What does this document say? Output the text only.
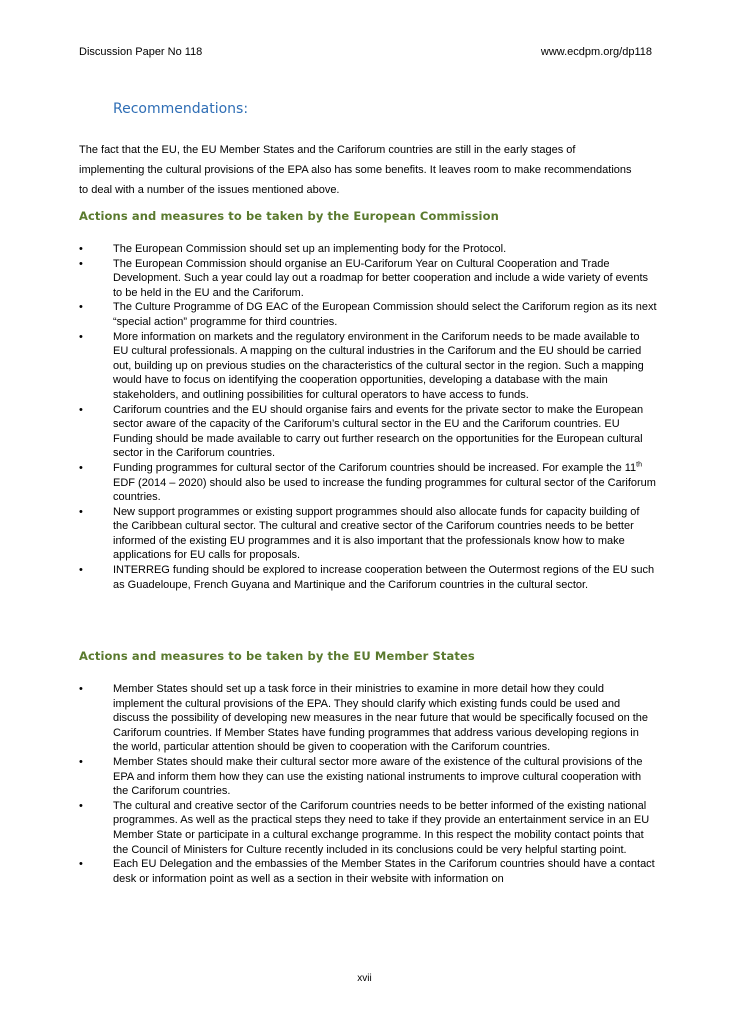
Discussion Paper No 118	www.ecdpm.org/dp118
Recommendations:
The fact that the EU, the EU Member States and the Cariforum countries are still in the early stages of implementing the cultural provisions of the EPA also has some benefits. It leaves room to make recommendations to deal with a number of the issues mentioned above.
Actions and measures to be taken by the European Commission
•	The European Commission should set up an implementing body for the Protocol.
•	The European Commission should organise an EU-Cariforum Year on Cultural Cooperation and Trade Development. Such a year could lay out a roadmap for better cooperation and include a wide variety of events to be held in the EU and the Cariforum.
•	The Culture Programme of DG EAC of the European Commission should select the Cariforum region as its next “special action” programme for third countries.
•	More information on markets and the regulatory environment in the Cariforum needs to be made available to EU cultural professionals. A mapping on the cultural industries in the Cariforum and the EU should be carried out, building up on previous studies on the characteristics of the cultural sector in the region. Such a mapping would have to focus on identifying the cooperation opportunities, developing a database with the main stakeholders, and outlining possibilities for cultural operators to have access to funds.
•	Cariforum countries and the EU should organise fairs and events for the private sector to make the European sector aware of the capacity of the Cariforum’s cultural sector in the EU and the Cariforum countries. EU Funding should be made available to carry out further research on the opportunities for the European cultural sector in the Cariforum countries.
•	Funding programmes for cultural sector of the Cariforum countries should be increased. For example the 11th EDF (2014 – 2020) should also be used to increase the funding programmes for cultural sector of the Cariforum countries.
•	New support programmes or existing support programmes should also allocate funds for capacity building of the Caribbean cultural sector. The cultural and creative sector of the Cariforum countries needs to be better informed of the existing EU programmes and it is also important that the professionals know how to make applications for EU calls for proposals.
•	INTERREG funding should be explored to increase cooperation between the Outermost regions of the EU such as Guadeloupe, French Guyana and Martinique and the Cariforum countries in the cultural sector.
Actions and measures to be taken by the EU Member States
•	Member States should set up a task force in their ministries to examine in more detail how they could implement the cultural provisions of the EPA. They should clarify which existing funds could be used and discuss the possibility of developing new measures in the near future that would be specifically focused on the Cariforum countries. If Member States have funding programmes that address various developing regions in the world, particular attention should be given to cooperation with the Cariforum countries.
•	Member States should make their cultural sector more aware of the existence of the cultural provisions of the EPA and inform them how they can use the existing national instruments to improve cultural cooperation with the Cariforum countries.
•	The cultural and creative sector of the Cariforum countries needs to be better informed of the existing national programmes. As well as the practical steps they need to take if they provide an entertainment service in an EU Member State or participate in a cultural exchange programme. In this respect the mobility contact points that the Council of Ministers for Culture recently included in its conclusions could be very helpful starting point.
•	Each EU Delegation and the embassies of the Member States in the Cariforum countries should have a contact desk or information point as well as a section in their website with information on
xvii
